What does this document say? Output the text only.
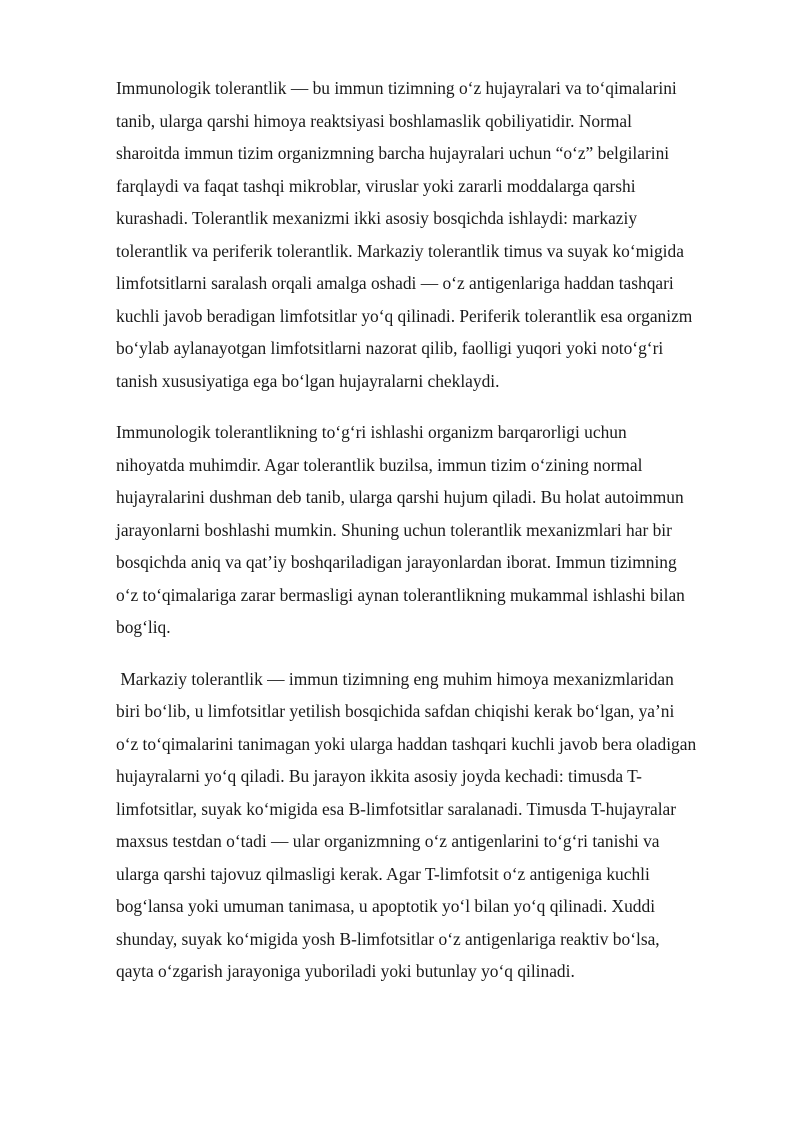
Immunologik tolerantlik — bu immun tizimning o‘z hujayralari va to‘qimalarini
tanib, ularga qarshi himoya reaktsiyasi boshlamaslik qobiliyatidir. Normal
sharoitda immun tizim organizmning barcha hujayralari uchun “o‘z” belgilarini
farqlaydi va faqat tashqi mikroblar, viruslar yoki zararli moddalarga qarshi
kurashadi. Tolerantlik mexanizmi ikki asosiy bosqichda ishlaydi: markaziy
tolerantlik va periferik tolerantlik. Markaziy tolerantlik timus va suyak ko‘migida
limfotsitlarni saralash orqali amalga oshadi — o‘z antigenlariga haddan tashqari
kuchli javob beradigan limfotsitlar yo‘q qilinadi. Periferik tolerantlik esa organizm
bo‘ylab aylanayotgan limfotsitlarni nazorat qilib, faolligi yuqori yoki noto‘g‘ri
tanish xususiyatiga ega bo‘lgan hujayralarni cheklaydi.

Immunologik tolerantlikning to‘g‘ri ishlashi organizm barqarorligi uchun
nihoyatda muhimdir. Agar tolerantlik buzilsa, immun tizim o‘zining normal
hujayralarini dushman deb tanib, ularga qarshi hujum qiladi. Bu holat autoimmun
jarayonlarni boshlashi mumkin. Shuning uchun tolerantlik mexanizmlari har bir
bosqichda aniq va qat’iy boshqariladigan jarayonlardan iborat. Immun tizimning
o‘z to‘qimalariga zarar bermasligi aynan tolerantlikning mukammal ishlashi bilan
bog‘liq.

Markaziy tolerantlik — immun tizimning eng muhim himoya mexanizmlaridan
biri bo‘lib, u limfotsitlar yetilish bosqichida safdan chiqishi kerak bo‘lgan, ya’ni
o‘z to‘qimalarini tanimagan yoki ularga haddan tashqari kuchli javob bera oladigan
hujayralarni yo‘q qiladi. Bu jarayon ikkita asosiy joyda kechadi: timusda T-
limfotsitlar, suyak ko‘migida esa B-limfotsitlar saralanadi. Timusda T-hujayralar
maxsus testdan o‘tadi — ular organizmning o‘z antigenlarini to‘g‘ri tanishi va
ularga qarshi tajovuz qilmasligi kerak. Agar T-limfotsit o‘z antigeniga kuchli
bog‘lansa yoki umuman tanimasa, u apoptotik yo‘l bilan yo‘q qilinadi. Xuddi
shunday, suyak ko‘migida yosh B-limfotsitlar o‘z antigenlariga reaktiv bo‘lsa,
qayta o‘zgarish jarayoniga yuboriladi yoki butunlay yo‘q qilinadi.
